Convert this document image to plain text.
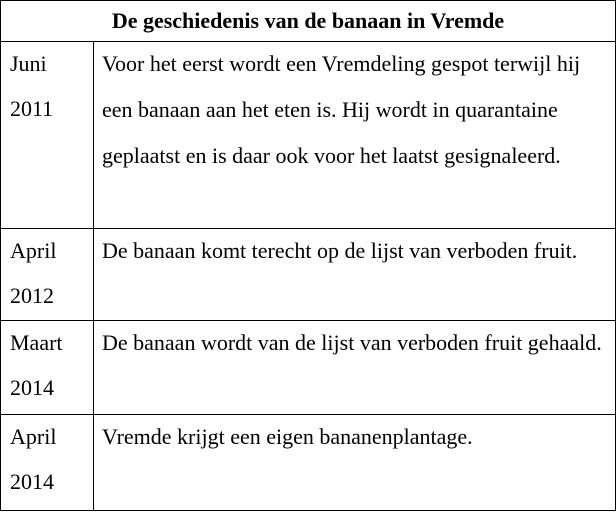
De geschiedenis van de banaan in Vremde	

Juni
2011	Voor het eerst wordt een Vremdeling gespot terwijl hij een banaan aan het eten is. Hij wordt in quarantaine geplaatst en is daar ook voor het laatst gesignaleerd.

April
2012	De banaan komt terecht op de lijst van verboden fruit.

Maart
2014	De banaan wordt van de lijst van verboden fruit gehaald.

April
2014	Vremde krijgt een eigen bananenplantage.
